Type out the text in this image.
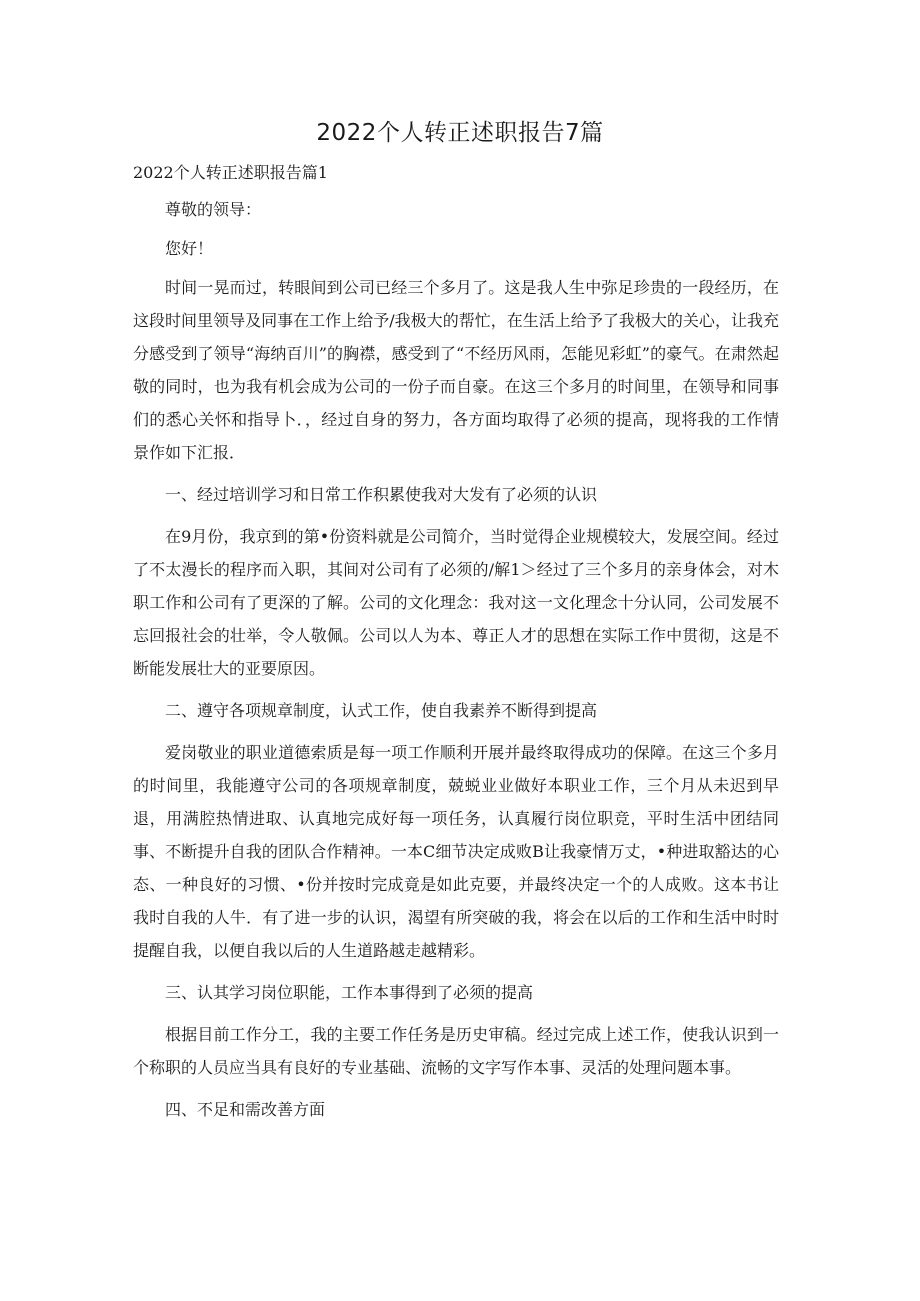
2022个人转正述职报告7篇
2022个人转正述职报告篇1

尊敬的领导：

您好！

时间一晃而过，转眼间到公司已经三个多月了。这是我人生中弥足珍贵的一段经历，在这段时间里领导及同事在工作上给予/我极大的帮忙，在生活上给予了我极大的关心，让我充分感受到了领导“海纳百川”的胸襟，感受到了“不经历风雨，怎能见彩虹”的豪气。在肃然起敬的同时，也为我有机会成为公司的一份子而自豪。在这三个多月的时间里，在领导和同事们的悉心关怀和指导卜．，经过自身的努力，各方面均取得了必须的提高，现将我的工作情景作如下汇报．

一、经过培训学习和日常工作积累使我对大发有了必须的认识

在9月份，我京到的第•份资料就是公司简介，当时觉得企业规模较大，发展空间。经过了不太漫长的程序而入职，其间对公司有了必须的/解1＞经过了三个多月的亲身体会，对木职工作和公司有了更深的了解。公司的文化理念：我对这一文化理念十分认同，公司发展不忘回报社会的壮举，令人敬佩。公司以人为本、尊正人才的思想在实际工作中贯彻，这是不断能发展壮大的亚要原因。

二、遵守各项规章制度，认式工作，使自我素养不断得到提高

爱岗敬业的职业道德索质是每一项工作顺利开展并最终取得成功的保障。在这三个多月的时间里，我能遵守公司的各项规章制度，兢蜕业业做好本职业工作，三个月从未迟到早退，用满腔热情进取、认真地完成好每一项任务，认真履行岗位职竞，平时生活中团结同事、不断提升自我的团队合作精神。一本C细节决定成败B让我豪情万丈，•种进取豁达的心态、一种良好的习惯、•份并按时完成竟是如此克要，并最终决定一个的人成败。这本书让我时自我的人牛．有了进一步的认识，渴望有所突破的我，将会在以后的工作和生活中时时提醒自我，以便自我以后的人生道路越走越精彩。

三、认其学习岗位职能，工作本事得到了必须的提高

根据目前工作分工，我的主要工作任务是历史审稿。经过完成上述工作，使我认识到一个称职的人员应当具有良好的专业基础、流畅的文字写作本事、灵活的处理问题本事。

四、不足和需改善方面
